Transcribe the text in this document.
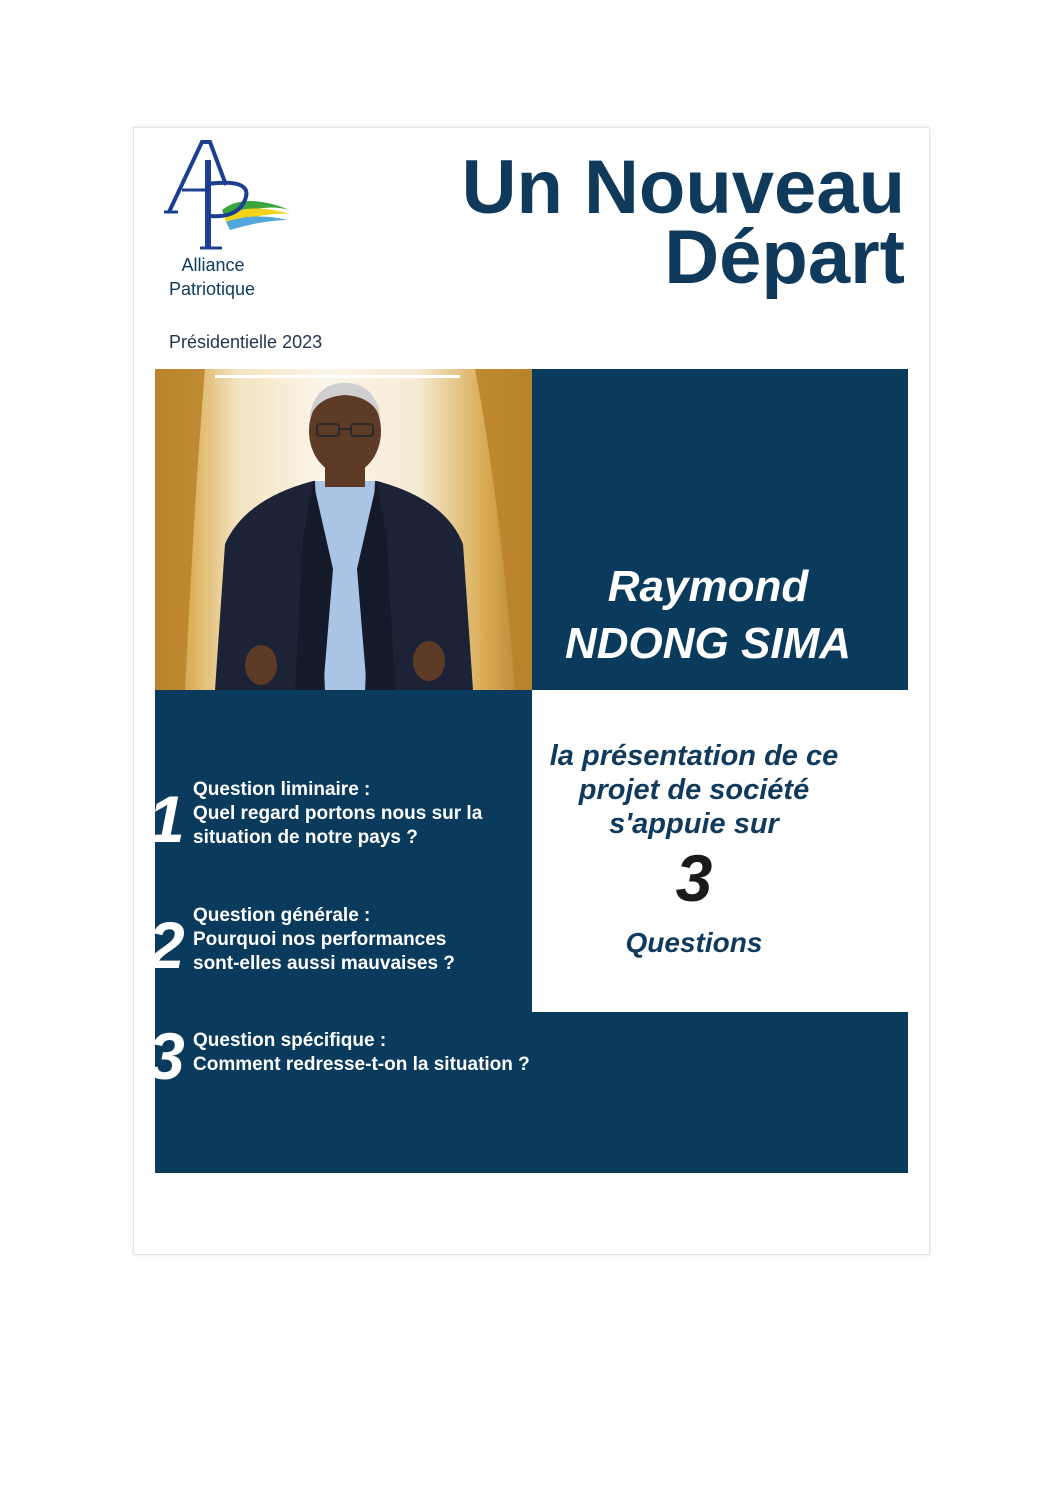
Alliance
Patriotique
Un Nouveau
Départ
Présidentielle 2023
Raymond
NDONG SIMA
la présentation de ce
projet de société
s'appuie sur
3
Questions
1 Question liminaire :
Quel regard portons nous sur la
situation de notre pays ?
2 Question générale :
Pourquoi nos performances
sont-elles aussi mauvaises ?
3 Question spécifique :
Comment redresse-t-on la situation ?
